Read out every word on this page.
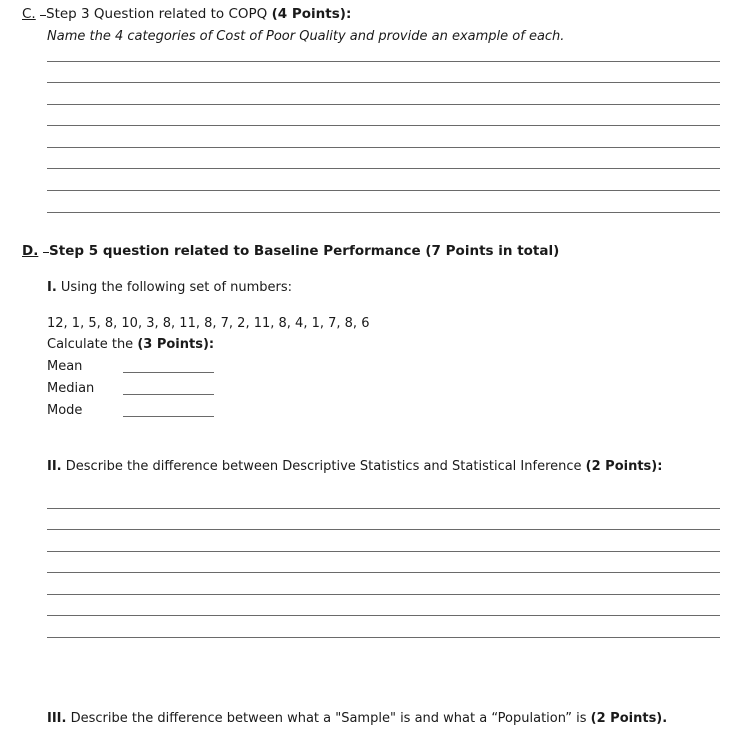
C. Step 3 Question related to COPQ (4 Points):
Name the 4 categories of Cost of Poor Quality and provide an example of each.
D. Step 5 question related to Baseline Performance (7 Points in total)
I. Using the following set of numbers:
12, 1, 5, 8, 10, 3, 8, 11, 8, 7, 2, 11, 8, 4, 1, 7, 8, 6
Calculate the (3 Points):
Mean
Median
Mode
II. Describe the difference between Descriptive Statistics and Statistical Inference (2 Points):
III. Describe the difference between what a "Sample" is and what a “Population” is (2 Points).
